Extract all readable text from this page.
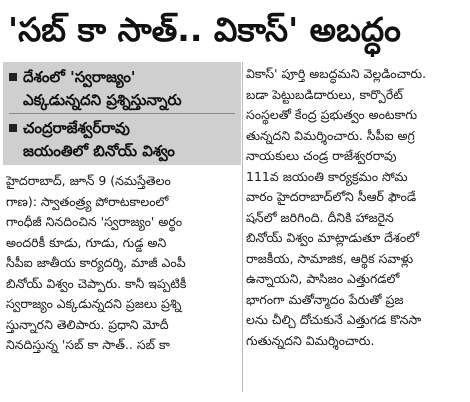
'సబ్ కా సాత్.. వికాస్' అబద్ధం
దేశంలో 'స్వరాజ్యం'
ఎక్కడున్నదని ప్రశ్నిస్తున్నారు
చంద్రరాజేశ్వర్‌రావు
జయంతిలో బినోయ్ విశ్వం
హైదరాబాద్, జూన్ 9 (నమస్తేతెలం
గాణ): స్వాతంత్ర్య పోరాటకాలంలో
గాంధీజీ నినదించిన 'స్వరాజ్యం' అర్థం
అందరికీ కూడు, గూడు, గుడ్డ అని
సీపీఐ జాతీయ కార్యదర్శి, మాజీ ఎంపీ
బినోయ్ విశ్వం చెప్పారు. కానీ ఇప్పటికీ
స్వరాజ్యం ఎక్కడున్నదని ప్రజలు ప్రశ్ని
స్తున్నారని తెలిపారు. ప్రధాని మోదీ
నినదిస్తున్న 'సబ్ కా సాత్.. సబ్ కా
వికాస్' పూర్తి అబద్ధమని వెల్లడించారు.
బడా పెట్టుబడిదారులు, కార్పొరేట్
సంస్థలతో కేంద్ర ప్రభుత్వం అంటకాగు
తున్నదని విమర్శించారు. సీపీఐ అగ్ర
నాయకులు చండ్ర రాజేశ్వరరావు
111వ జయంతి కార్యక్రమం సోమ
వారం హైదరాబాద్‌లోని సీఆర్ ఫౌండే
షన్‌లో జరిగింది. దీనికి హాజరైన
బినోయ్ విశ్వం మాట్లాడుతూ దేశంలో
రాజకీయ, సామాజిక, ఆర్థిక సవాళ్లు
ఉన్నాయని, పాసిజం ఎత్తుగడలో
భాగంగా మతోన్మాదం పేరుతో ప్రజ
లను చీల్చి దోచుకునే ఎత్తుగడ కొనసా
గుతున్నదని విమర్శించారు.
